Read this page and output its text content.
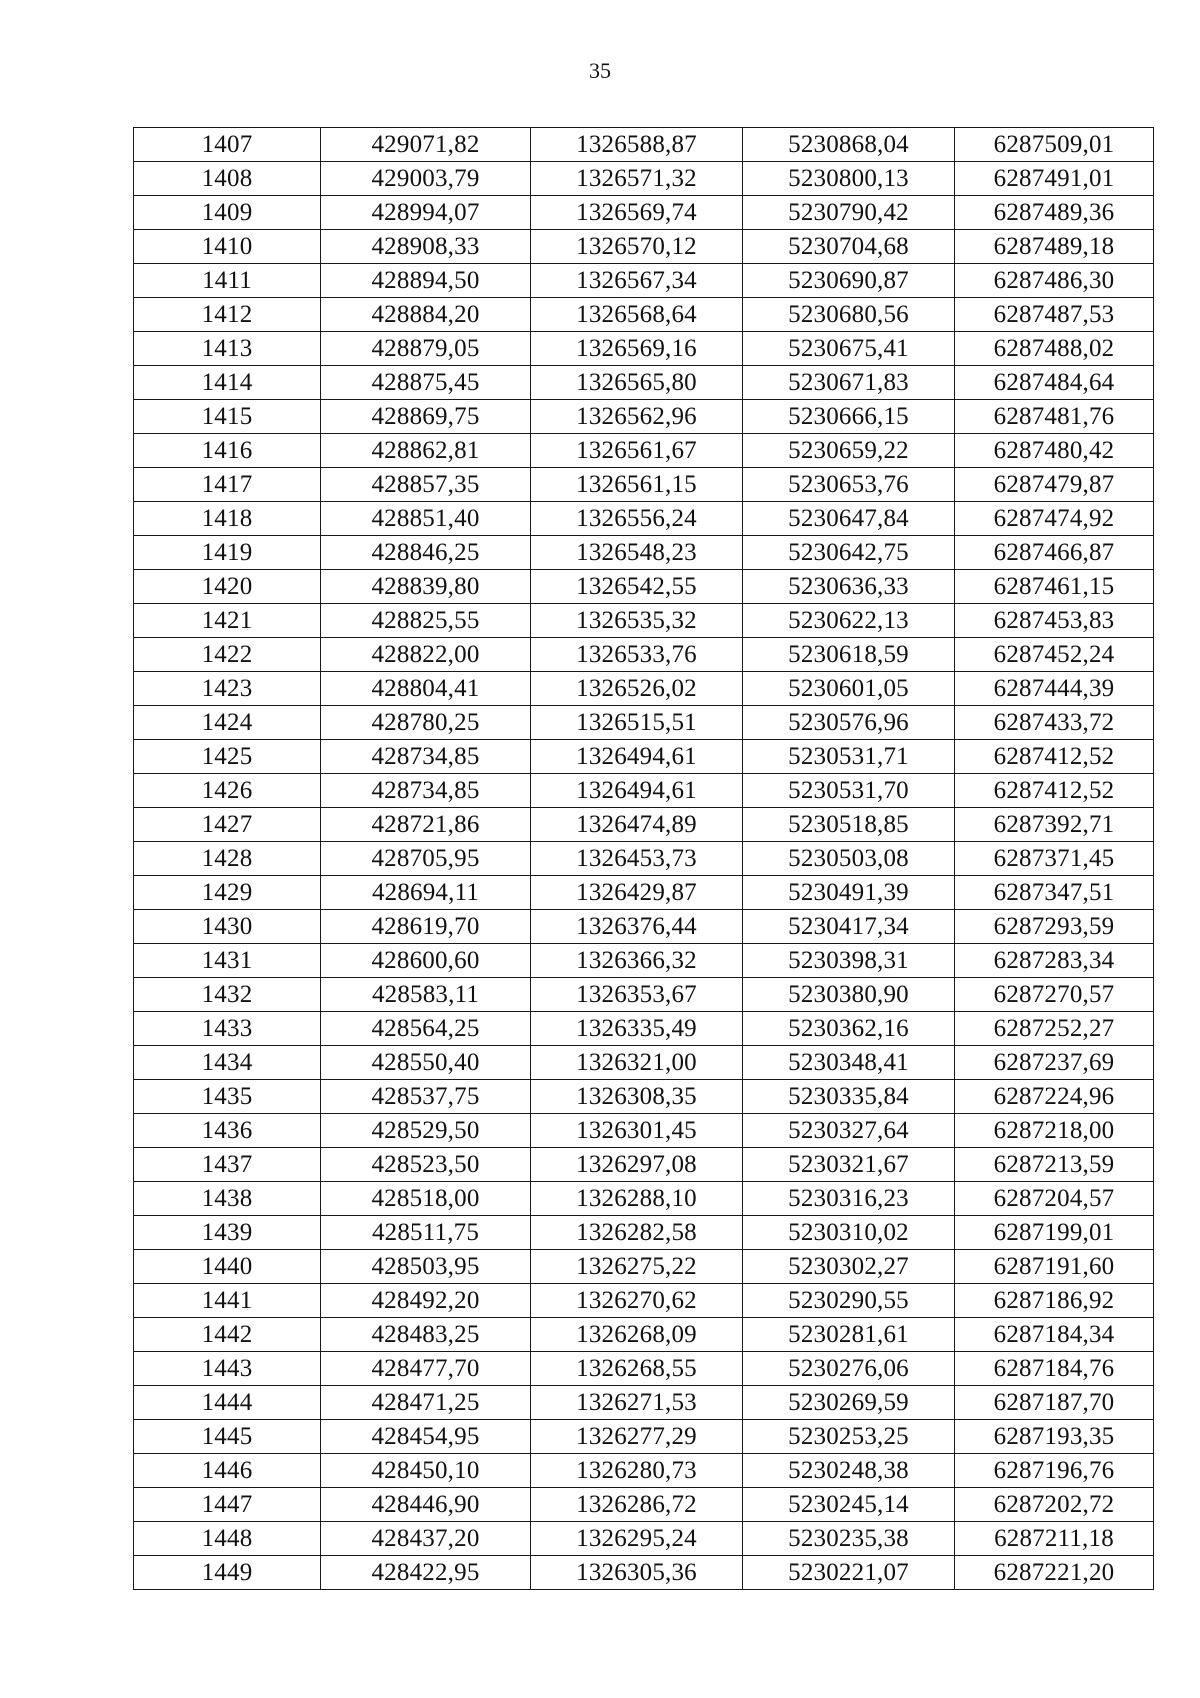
35
1407	429071,82	1326588,87	5230868,04	6287509,01
1408	429003,79	1326571,32	5230800,13	6287491,01
1409	428994,07	1326569,74	5230790,42	6287489,36
1410	428908,33	1326570,12	5230704,68	6287489,18
1411	428894,50	1326567,34	5230690,87	6287486,30
1412	428884,20	1326568,64	5230680,56	6287487,53
1413	428879,05	1326569,16	5230675,41	6287488,02
1414	428875,45	1326565,80	5230671,83	6287484,64
1415	428869,75	1326562,96	5230666,15	6287481,76
1416	428862,81	1326561,67	5230659,22	6287480,42
1417	428857,35	1326561,15	5230653,76	6287479,87
1418	428851,40	1326556,24	5230647,84	6287474,92
1419	428846,25	1326548,23	5230642,75	6287466,87
1420	428839,80	1326542,55	5230636,33	6287461,15
1421	428825,55	1326535,32	5230622,13	6287453,83
1422	428822,00	1326533,76	5230618,59	6287452,24
1423	428804,41	1326526,02	5230601,05	6287444,39
1424	428780,25	1326515,51	5230576,96	6287433,72
1425	428734,85	1326494,61	5230531,71	6287412,52
1426	428734,85	1326494,61	5230531,70	6287412,52
1427	428721,86	1326474,89	5230518,85	6287392,71
1428	428705,95	1326453,73	5230503,08	6287371,45
1429	428694,11	1326429,87	5230491,39	6287347,51
1430	428619,70	1326376,44	5230417,34	6287293,59
1431	428600,60	1326366,32	5230398,31	6287283,34
1432	428583,11	1326353,67	5230380,90	6287270,57
1433	428564,25	1326335,49	5230362,16	6287252,27
1434	428550,40	1326321,00	5230348,41	6287237,69
1435	428537,75	1326308,35	5230335,84	6287224,96
1436	428529,50	1326301,45	5230327,64	6287218,00
1437	428523,50	1326297,08	5230321,67	6287213,59
1438	428518,00	1326288,10	5230316,23	6287204,57
1439	428511,75	1326282,58	5230310,02	6287199,01
1440	428503,95	1326275,22	5230302,27	6287191,60
1441	428492,20	1326270,62	5230290,55	6287186,92
1442	428483,25	1326268,09	5230281,61	6287184,34
1443	428477,70	1326268,55	5230276,06	6287184,76
1444	428471,25	1326271,53	5230269,59	6287187,70
1445	428454,95	1326277,29	5230253,25	6287193,35
1446	428450,10	1326280,73	5230248,38	6287196,76
1447	428446,90	1326286,72	5230245,14	6287202,72
1448	428437,20	1326295,24	5230235,38	6287211,18
1449	428422,95	1326305,36	5230221,07	6287221,20
